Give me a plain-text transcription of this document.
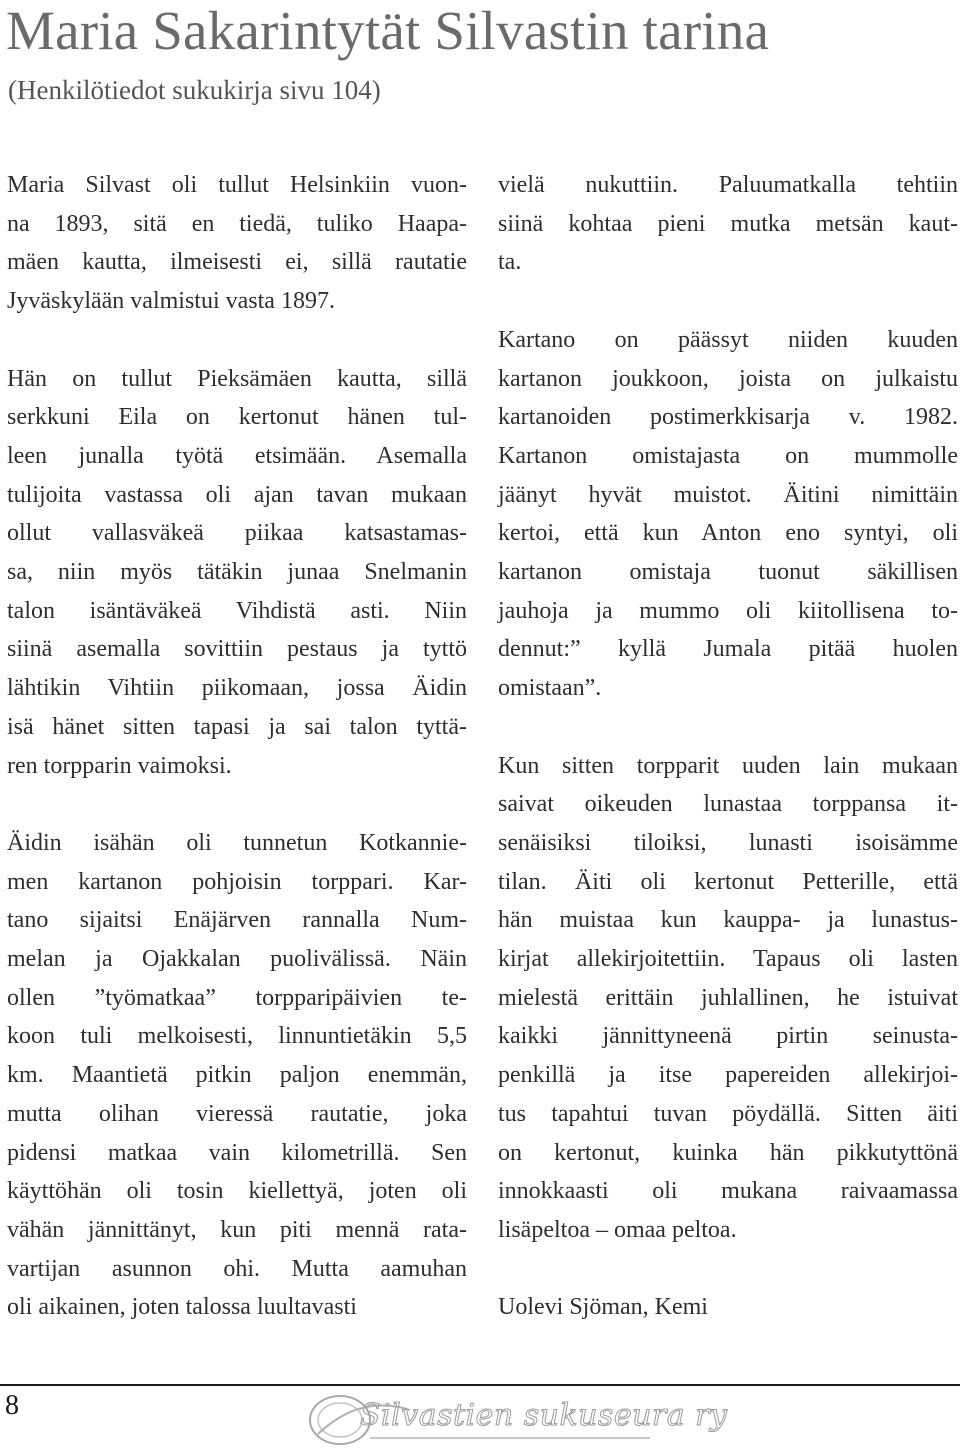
Maria Sakarintytät Silvastin tarina
(Henkilötiedot sukukirja sivu 104)

Maria Silvast oli tullut Helsinkiin vuon-
na 1893, sitä en tiedä, tuliko Haapa-
mäen kautta, ilmeisesti ei, sillä rautatie
Jyväskylään valmistui vasta 1897.

Hän on tullut Pieksämäen kautta, sillä
serkkuni Eila on kertonut hänen tul-
leen junalla työtä etsimään. Asemalla
tulijoita vastassa oli ajan tavan mukaan
ollut vallasväkeä piikaa katsastamas-
sa, niin myös tätäkin junaa Snelmanin
talon isäntäväkeä Vihdistä asti. Niin
siinä asemalla sovittiin pestaus ja tyttö
lähtikin Vihtiin piikomaan, jossa Äidin
isä hänet sitten tapasi ja sai talon tyttä-
ren torpparin vaimoksi.

Äidin isähän oli tunnetun Kotkannie-
men kartanon pohjoisin torppari. Kar-
tano sijaitsi Enäjärven rannalla Num-
melan ja Ojakkalan puolivälissä. Näin
ollen ”työmatkaa” torpparipäivien te-
koon tuli melkoisesti, linnuntietäkin 5,5
km. Maantietä pitkin paljon enemmän,
mutta olihan vieressä rautatie, joka
pidensi matkaa vain kilometrillä. Sen
käyttöhän oli tosin kiellettyä, joten oli
vähän jännittänyt, kun piti mennä rata-
vartijan asunnon ohi. Mutta aamuhan
oli aikainen, joten talossa luultavasti

vielä nukuttiin. Paluumatkalla tehtiin
siinä kohtaa pieni mutka metsän kaut-
ta.

Kartano on päässyt niiden kuuden
kartanon joukkoon, joista on julkaistu
kartanoiden postimerkkisarja v. 1982.
Kartanon omistajasta on mummolle
jäänyt hyvät muistot. Äitini nimittäin
kertoi, että kun Anton eno syntyi, oli
kartanon omistaja tuonut säkillisen
jauhoja ja mummo oli kiitollisena to-
dennut:” kyllä Jumala pitää huolen
omistaan”.

Kun sitten torpparit uuden lain mukaan
saivat oikeuden lunastaa torppansa it-
senäisiksi tiloiksi, lunasti isoisämme
tilan. Äiti oli kertonut Petterille, että
hän muistaa kun kauppa- ja lunastus-
kirjat allekirjoitettiin. Tapaus oli lasten
mielestä erittäin juhlallinen, he istuivat
kaikki jännittyneenä pirtin seinusta-
penkillä ja itse papereiden allekirjoi-
tus tapahtui tuvan pöydällä. Sitten äiti
on kertonut, kuinka hän pikkutyttönä
innokkaasti oli mukana raivaamassa
lisäpeltoa – omaa peltoa.

Uolevi Sjöman, Kemi

8	Silvastien sukuseura ry
